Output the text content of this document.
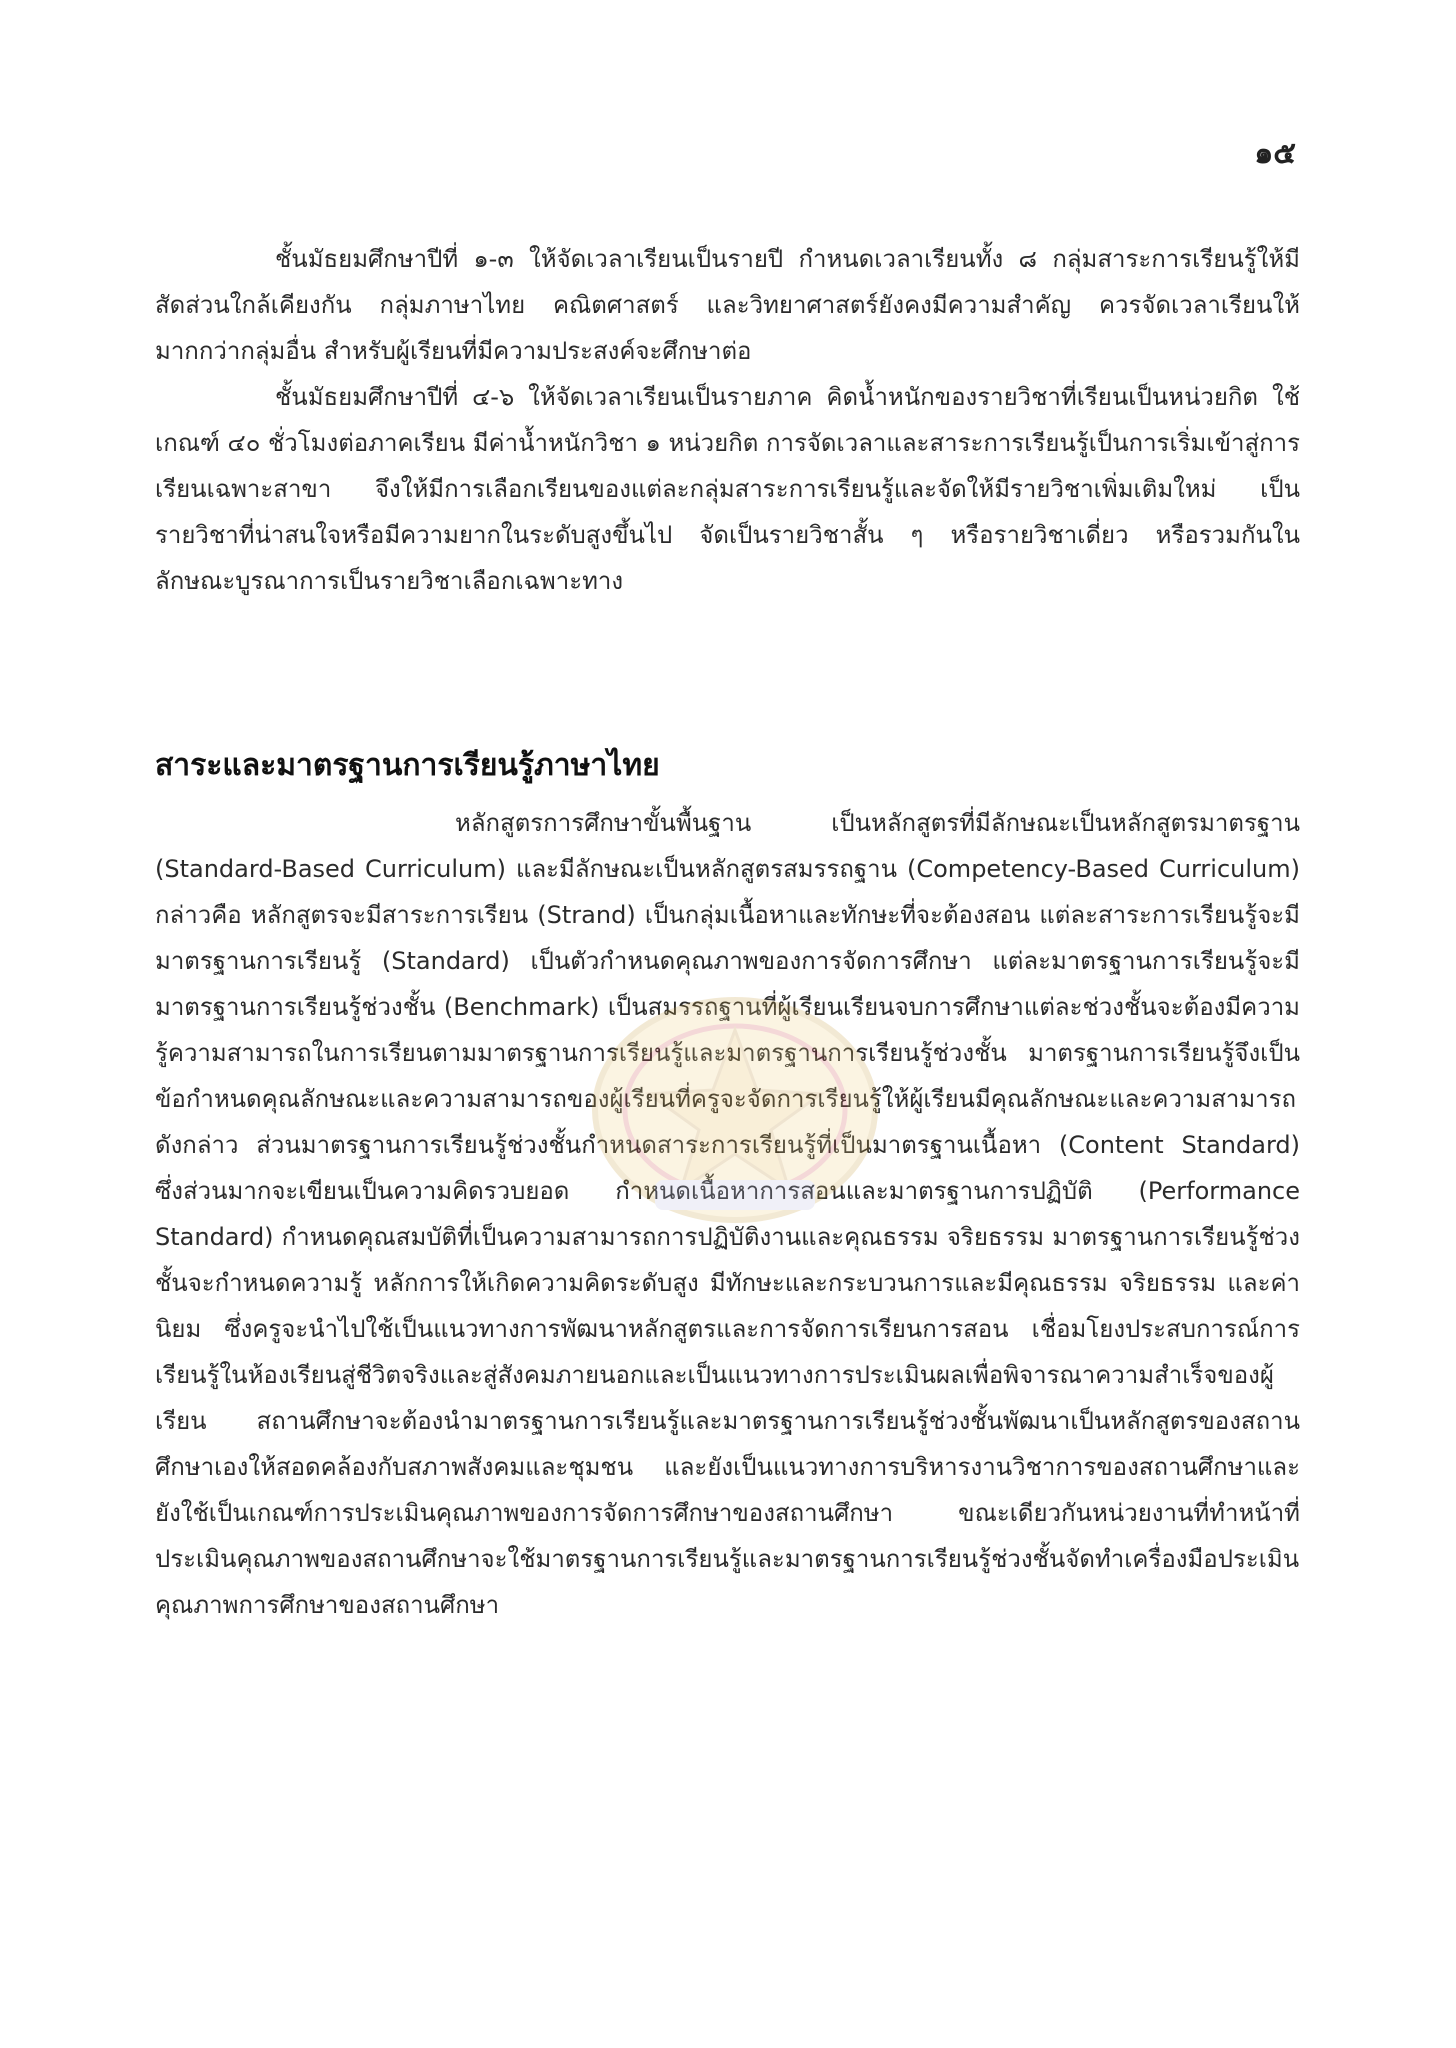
๑๕

ชั้นมัธยมศึกษาปีที่ ๑-๓ ให้จัดเวลาเรียนเป็นรายปี กำหนดเวลาเรียนทั้ง ๘ กลุ่มสาระการเรียนรู้ให้มีสัดส่วนใกล้เคียงกัน กลุ่มภาษาไทย คณิตศาสตร์ และวิทยาศาสตร์ยังคงมีความสำคัญ ควรจัดเวลาเรียนให้มากกว่ากลุ่มอื่น สำหรับผู้เรียนที่มีความประสงค์จะศึกษาต่อ

ชั้นมัธยมศึกษาปีที่ ๔-๖ ให้จัดเวลาเรียนเป็นรายภาค คิดน้ำหนักของรายวิชาที่เรียนเป็นหน่วยกิต ใช้เกณฑ์ ๔๐ ชั่วโมงต่อภาคเรียน มีค่าน้ำหนักวิชา ๑ หน่วยกิต การจัดเวลาและสาระการเรียนรู้เป็นการเริ่มเข้าสู่การเรียนเฉพาะสาขา จึงให้มีการเลือกเรียนของแต่ละกลุ่มสาระการเรียนรู้และจัดให้มีรายวิชาเพิ่มเติมใหม่ เป็นรายวิชาที่น่าสนใจหรือมีความยากในระดับสูงขึ้นไป จัดเป็นรายวิชาสั้น ๆ หรือรายวิชาเดี่ยว หรือรวมกันในลักษณะบูรณาการเป็นรายวิชาเลือกเฉพาะทาง

สาระและมาตรฐานการเรียนรู้ภาษาไทย

หลักสูตรการศึกษาขั้นพื้นฐาน เป็นหลักสูตรที่มีลักษณะเป็นหลักสูตรมาตรฐาน (Standard-Based Curriculum) และมีลักษณะเป็นหลักสูตรสมรรถฐาน (Competency-Based Curriculum) กล่าวคือ หลักสูตรจะมีสาระการเรียน (Strand) เป็นกลุ่มเนื้อหาและทักษะที่จะต้องสอน แต่ละสาระการเรียนรู้จะมีมาตรฐานการเรียนรู้ (Standard) เป็นตัวกำหนดคุณภาพของการจัดการศึกษา แต่ละมาตรฐานการเรียนรู้จะมีมาตรฐานการเรียนรู้ช่วงชั้น (Benchmark) เป็นสมรรถฐานที่ผู้เรียนเรียนจบการศึกษาแต่ละช่วงชั้นจะต้องมีความรู้ความสามารถในการเรียนตามมาตรฐานการเรียนรู้และมาตรฐานการเรียนรู้ช่วงชั้น มาตรฐานการเรียนรู้จึงเป็นข้อกำหนดคุณลักษณะและความสามารถของผู้เรียนที่ครูจะจัดการเรียนรู้ให้ผู้เรียนมีคุณลักษณะและความสามารถดังกล่าว ส่วนมาตรฐานการเรียนรู้ช่วงชั้นกำหนดสาระการเรียนรู้ที่เป็นมาตรฐานเนื้อหา (Content Standard) ซึ่งส่วนมากจะเขียนเป็นความคิดรวบยอด กำหนดเนื้อหาการสอนและมาตรฐานการปฏิบัติ (Performance Standard) กำหนดคุณสมบัติที่เป็นความสามารถการปฏิบัติงานและคุณธรรม จริยธรรม มาตรฐานการเรียนรู้ช่วงชั้นจะกำหนดความรู้ หลักการให้เกิดความคิดระดับสูง มีทักษะและกระบวนการและมีคุณธรรม จริยธรรม และค่านิยม ซึ่งครูจะนำไปใช้เป็นแนวทางการพัฒนาหลักสูตรและการจัดการเรียนการสอน เชื่อมโยงประสบการณ์การเรียนรู้ในห้องเรียนสู่ชีวิตจริงและสู่สังคมภายนอกและเป็นแนวทางการประเมินผลเพื่อพิจารณาความสำเร็จของผู้เรียน สถานศึกษาจะต้องนำมาตรฐานการเรียนรู้และมาตรฐานการเรียนรู้ช่วงชั้นพัฒนาเป็นหลักสูตรของสถานศึกษาเองให้สอดคล้องกับสภาพสังคมและชุมชน และยังเป็นแนวทางการบริหารงานวิชาการของสถานศึกษาและยังใช้เป็นเกณฑ์การประเมินคุณภาพของการจัดการศึกษาของสถานศึกษา ขณะเดียวกันหน่วยงานที่ทำหน้าที่ประเมินคุณภาพของสถานศึกษาจะใช้มาตรฐานการเรียนรู้และมาตรฐานการเรียนรู้ช่วงชั้นจัดทำเครื่องมือประเมินคุณภาพการศึกษาของสถานศึกษา
